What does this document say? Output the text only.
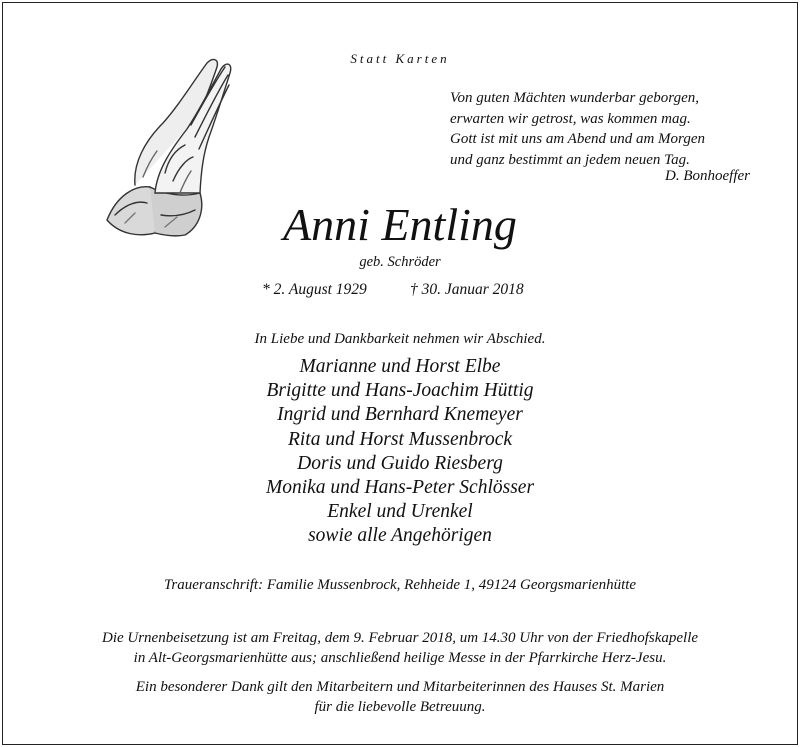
Statt Karten
Von guten Mächten wunderbar geborgen,
erwarten wir getrost, was kommen mag.
Gott ist mit uns am Abend und am Morgen
und ganz bestimmt an jedem neuen Tag.
D. Bonhoeffer
Anni Entling
geb. Schröder
* 2. August 1929	† 30. Januar 2018
In Liebe und Dankbarkeit nehmen wir Abschied.
Marianne und Horst Elbe
Brigitte und Hans-Joachim Hüttig
Ingrid und Bernhard Knemeyer
Rita und Horst Mussenbrock
Doris und Guido Riesberg
Monika und Hans-Peter Schlösser
Enkel und Urenkel
sowie alle Angehörigen
Traueranschrift: Familie Mussenbrock, Rehheide 1, 49124 Georgsmarienhütte
Die Urnenbeisetzung ist am Freitag, dem 9. Februar 2018, um 14.30 Uhr von der Friedhofskapelle
in Alt-Georgsmarienhütte aus; anschließend heilige Messe in der Pfarrkirche Herz-Jesu.
Ein besonderer Dank gilt den Mitarbeitern und Mitarbeiterinnen des Hauses St. Marien
für die liebevolle Betreuung.
